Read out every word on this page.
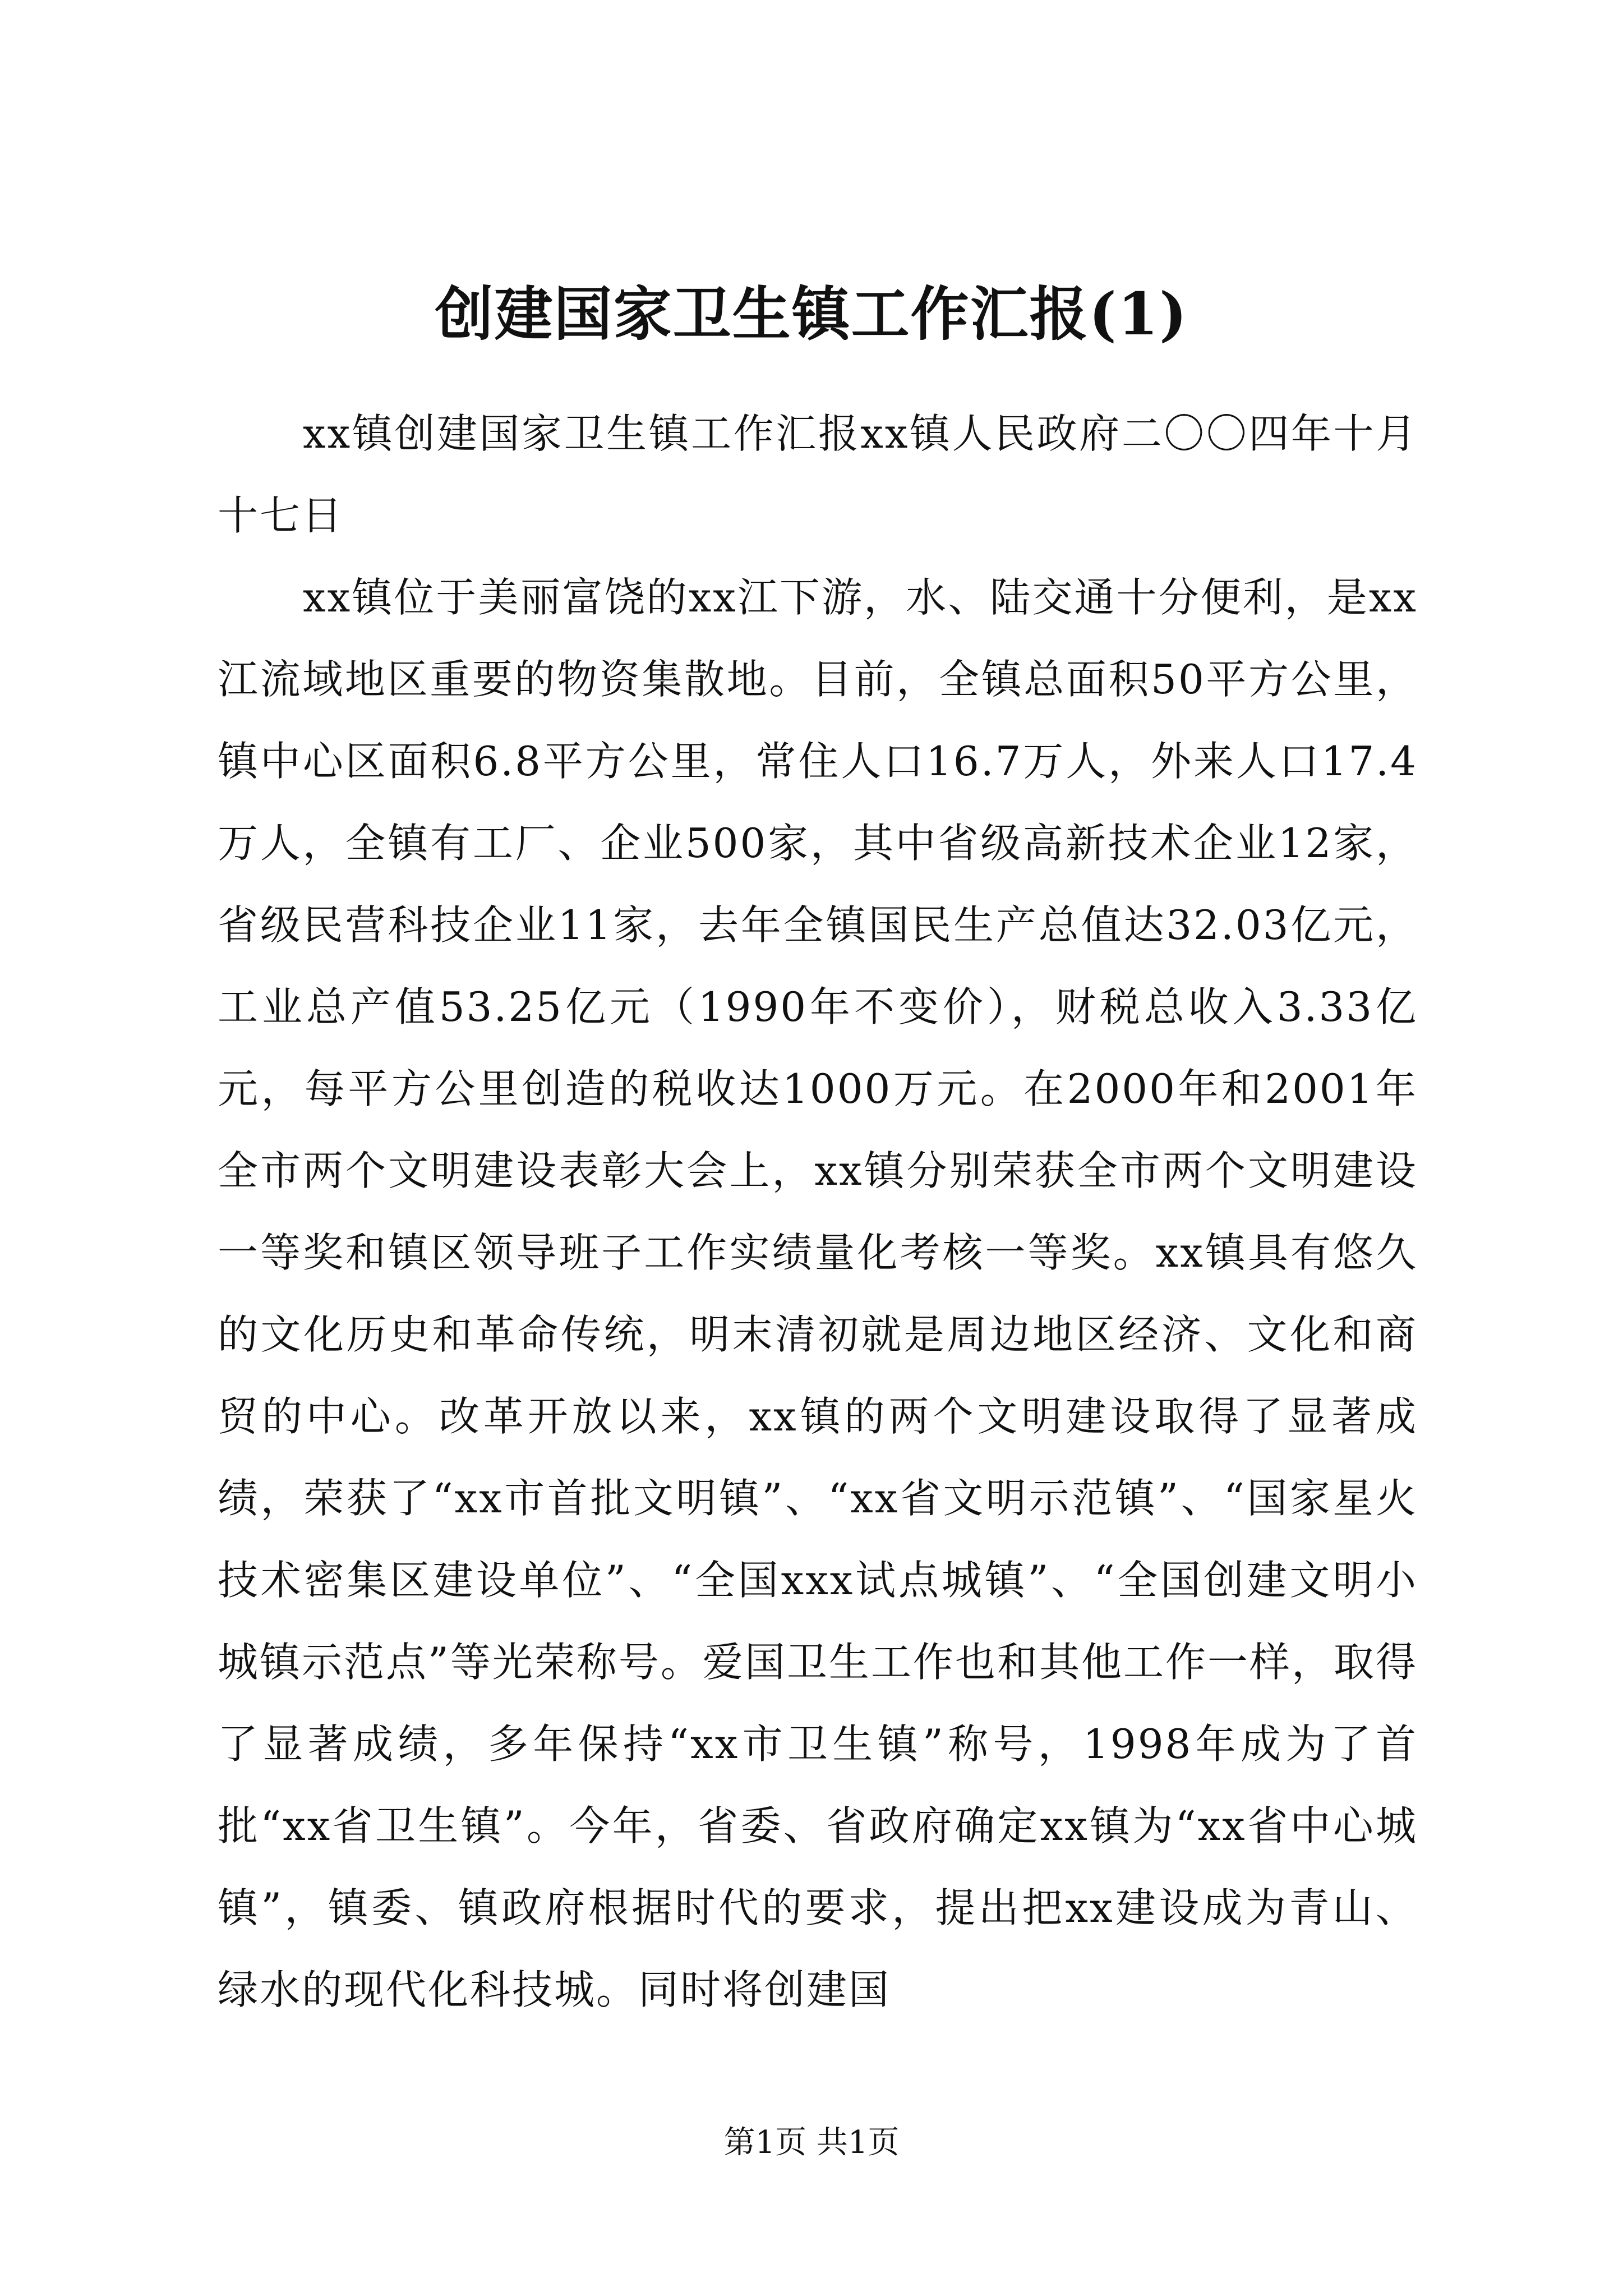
创建国家卫生镇工作汇报(1)

xx镇创建国家卫生镇工作汇报xx镇人民政府二〇〇四年十月十七日

xx镇位于美丽富饶的xx江下游，水、陆交通十分便利，是xx江流域地区重要的物资集散地。目前，全镇总面积50平方公里，镇中心区面积6.8平方公里，常住人口16.7万人，外来人口17.4万人，全镇有工厂、企业500家，其中省级高新技术企业12家，省级民营科技企业11家，去年全镇国民生产总值达32.03亿元，工业总产值53.25亿元（1990年不变价），财税总收入3.33亿元，每平方公里创造的税收达1000万元。在2000年和2001年全市两个文明建设表彰大会上，xx镇分别荣获全市两个文明建设一等奖和镇区领导班子工作实绩量化考核一等奖。xx镇具有悠久的文化历史和革命传统，明末清初就是周边地区经济、文化和商贸的中心。改革开放以来，xx镇的两个文明建设取得了显著成绩，荣获了“xx市首批文明镇”、“xx省文明示范镇”、“国家星火技术密集区建设单位”、“全国xxx试点城镇”、“全国创建文明小城镇示范点”等光荣称号。爱国卫生工作也和其他工作一样，取得了显著成绩，多年保持“xx市卫生镇”称号，1998年成为了首批“xx省卫生镇”。今年，省委、省政府确定xx镇为“xx省中心城镇”，镇委、镇政府根据时代的要求，提出把xx建设成为青山、绿水的现代化科技城。同时将创建国

第1页 共1页
